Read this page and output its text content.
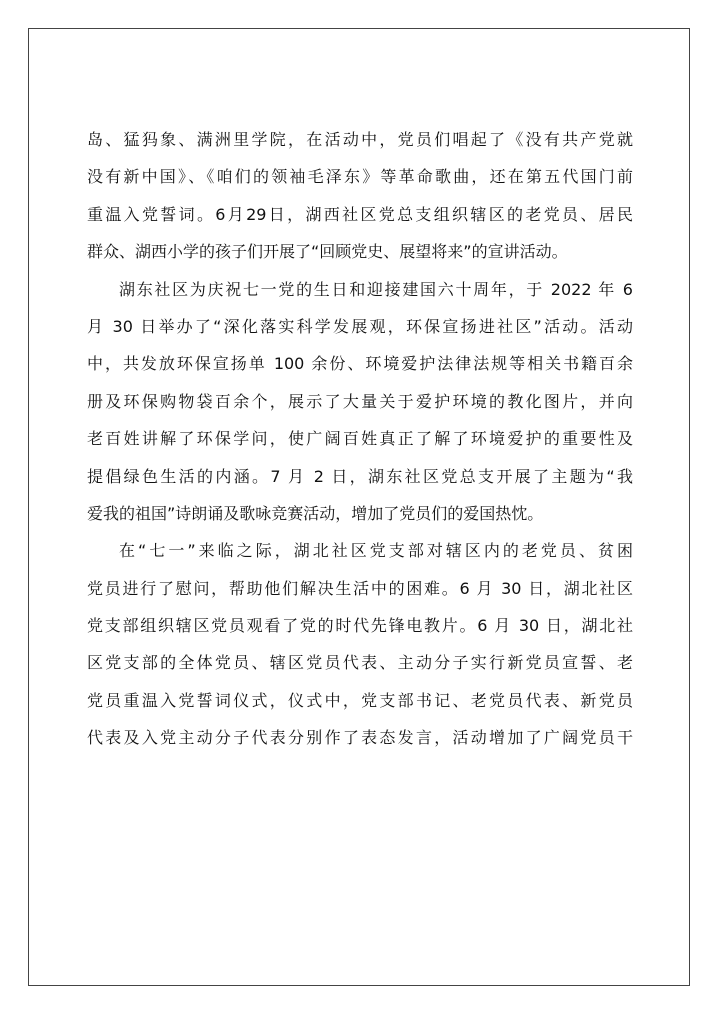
岛、猛犸象、满洲里学院，在活动中，党员们唱起了《没有共产党就
没有新中国》、《咱们的领袖毛泽东》等革命歌曲，还在第五代国门前
重温入党誓词。6月29日，湖西社区党总支组织辖区的老党员、居民
群众、湖西小学的孩子们开展了“回顾党史、展望将来”的宣讲活动。
湖东社区为庆祝七一党的生日和迎接建国六十周年，于 2022 年 6
月 30 日举办了“深化落实科学发展观，环保宣扬进社区”活动。活动
中，共发放环保宣扬单 100 余份、环境爱护法律法规等相关书籍百余
册及环保购物袋百余个，展示了大量关于爱护环境的教化图片，并向
老百姓讲解了环保学问，使广阔百姓真正了解了环境爱护的重要性及
提倡绿色生活的内涵。7 月 2 日，湖东社区党总支开展了主题为“我
爱我的祖国”诗朗诵及歌咏竞赛活动，增加了党员们的爱国热忱。
在“七一”来临之际，湖北社区党支部对辖区内的老党员、贫困
党员进行了慰问，帮助他们解决生活中的困难。6 月 30 日，湖北社区
党支部组织辖区党员观看了党的时代先锋电教片。6 月 30 日，湖北社
区党支部的全体党员、辖区党员代表、主动分子实行新党员宣誓、老
党员重温入党誓词仪式，仪式中，党支部书记、老党员代表、新党员
代表及入党主动分子代表分别作了表态发言，活动增加了广阔党员干
